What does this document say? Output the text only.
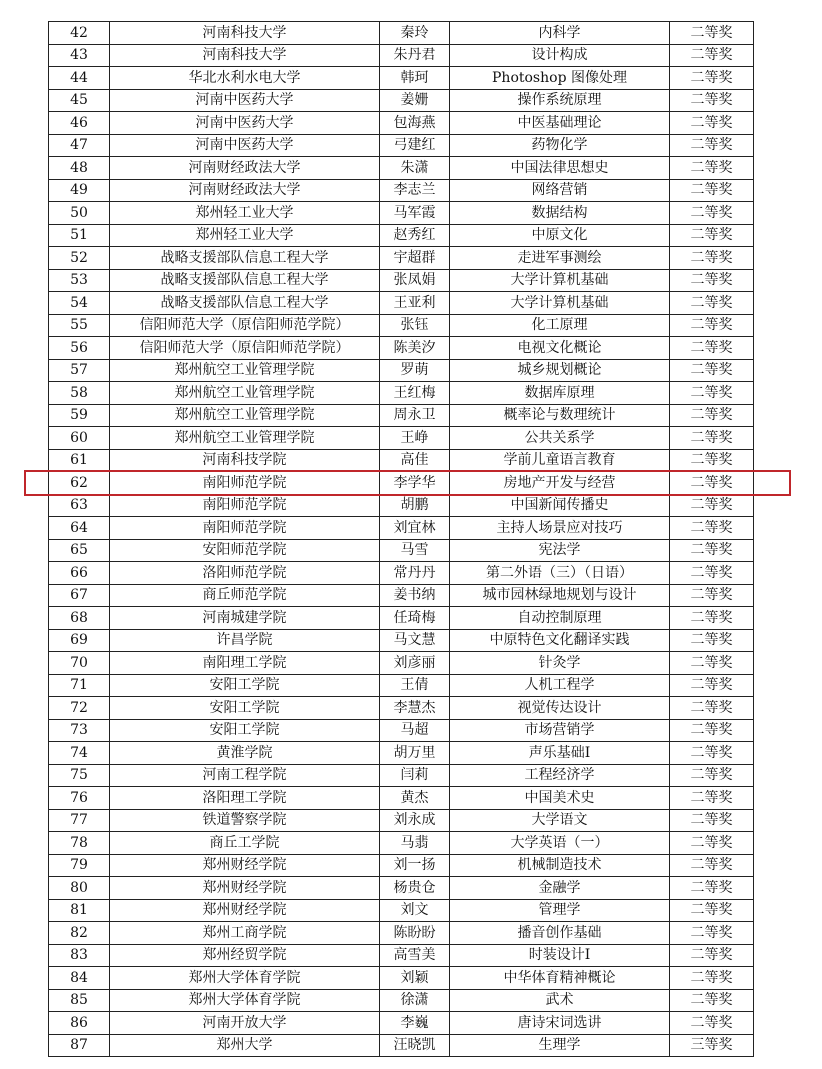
42	河南科技大学	秦玲	内科学	二等奖
43	河南科技大学	朱丹君	设计构成	二等奖
44	华北水利水电大学	韩珂	Photoshop 图像处理	二等奖
45	河南中医药大学	姜姗	操作系统原理	二等奖
46	河南中医药大学	包海燕	中医基础理论	二等奖
47	河南中医药大学	弓建红	药物化学	二等奖
48	河南财经政法大学	朱潇	中国法律思想史	二等奖
49	河南财经政法大学	李志兰	网络营销	二等奖
50	郑州轻工业大学	马军霞	数据结构	二等奖
51	郑州轻工业大学	赵秀红	中原文化	二等奖
52	战略支援部队信息工程大学	宇超群	走进军事测绘	二等奖
53	战略支援部队信息工程大学	张凤娟	大学计算机基础	二等奖
54	战略支援部队信息工程大学	王亚利	大学计算机基础	二等奖
55	信阳师范大学（原信阳师范学院）	张钰	化工原理	二等奖
56	信阳师范大学（原信阳师范学院）	陈美汐	电视文化概论	二等奖
57	郑州航空工业管理学院	罗萌	城乡规划概论	二等奖
58	郑州航空工业管理学院	王红梅	数据库原理	二等奖
59	郑州航空工业管理学院	周永卫	概率论与数理统计	二等奖
60	郑州航空工业管理学院	王峥	公共关系学	二等奖
61	河南科技学院	高佳	学前儿童语言教育	二等奖
62	南阳师范学院	李学华	房地产开发与经营	二等奖
63	南阳师范学院	胡鹏	中国新闻传播史	二等奖
64	南阳师范学院	刘宜林	主持人场景应对技巧	二等奖
65	安阳师范学院	马雪	宪法学	二等奖
66	洛阳师范学院	常丹丹	第二外语（三）（日语）	二等奖
67	商丘师范学院	姜书纳	城市园林绿地规划与设计	二等奖
68	河南城建学院	任琦梅	自动控制原理	二等奖
69	许昌学院	马文慧	中原特色文化翻译实践	二等奖
70	南阳理工学院	刘彦丽	针灸学	二等奖
71	安阳工学院	王倩	人机工程学	二等奖
72	安阳工学院	李慧杰	视觉传达设计	二等奖
73	安阳工学院	马超	市场营销学	二等奖
74	黄淮学院	胡万里	声乐基础Ⅰ	二等奖
75	河南工程学院	闫莉	工程经济学	二等奖
76	洛阳理工学院	黄杰	中国美术史	二等奖
77	铁道警察学院	刘永成	大学语文	二等奖
78	商丘工学院	马翡	大学英语（一）	二等奖
79	郑州财经学院	刘一扬	机械制造技术	二等奖
80	郑州财经学院	杨贵仓	金融学	二等奖
81	郑州财经学院	刘文	管理学	二等奖
82	郑州工商学院	陈盼盼	播音创作基础	二等奖
83	郑州经贸学院	高雪美	时装设计Ⅰ	二等奖
84	郑州大学体育学院	刘颖	中华体育精神概论	二等奖
85	郑州大学体育学院	徐潇	武术	二等奖
86	河南开放大学	李巍	唐诗宋词选讲	二等奖
87	郑州大学	汪晓凯	生理学	三等奖
